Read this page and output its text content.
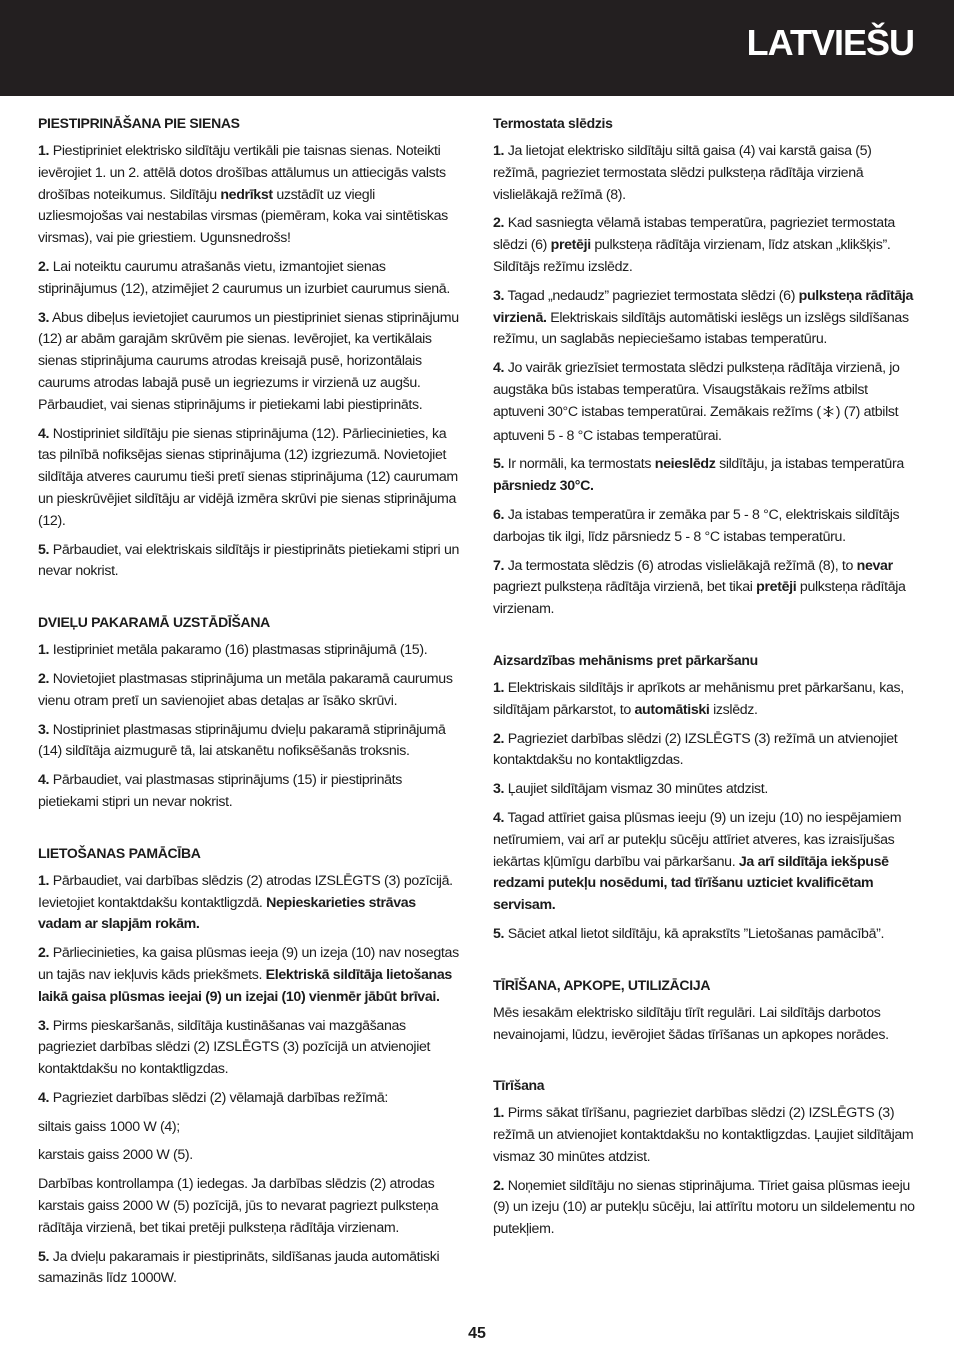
LATVIEŠU
PIESTIPRINĀŠANA PIE SIENAS

1. Piestipriniet elektrisko sildītāju vertikāli pie taisnas sienas. Noteikti ievērojiet 1. un 2. attēlā dotos drošības attālumus un attiecigās valsts drošības noteikumus. Sildītāju nedrīkst uzstādīt uz viegli uzliesmojošas vai nestabilas virsmas (piemēram, koka vai sintētiskas virsmas), vai pie griestiem. Ugunsnedrošs!

2. Lai noteiktu caurumu atrašanās vietu, izmantojiet sienas stiprinājumus (12), atzimējiet 2 caurumus un izurbiet caurumus sienā.

3. Abus dibeļus ievietojiet caurumos un piestipriniet sienas stiprinājumu (12) ar abām garajām skrūvēm pie sienas. Ievērojiet, ka vertikālais sienas stiprinājuma caurums atrodas kreisajā pusē, horizontālais caurums atrodas labajā pusē un iegriezums ir virzienā uz augšu. Pārbaudiet, vai sienas stiprinājums ir pietiekami labi piestiprināts.

4. Nostipriniet sildītāju pie sienas stiprinājuma (12). Pārliecinieties, ka tas pilnībā nofiksējas sienas stiprinājuma (12) izgriezumā. Novietojiet sildītāja atveres caurumu tieši pretī sienas stiprinājuma (12) caurumam un pieskrūvējiet sildītāju ar vidējā izmēra skrūvi pie sienas stiprinājuma (12).

5. Pārbaudiet, vai elektriskais sildītājs ir piestiprināts pietiekami stipri un nevar nokrist.

DVIEĻU PAKARAMĀ UZSTĀDĪŠANA

1. Iestipriniet metāla pakaramo (16) plastmasas stiprinājumā (15).

2. Novietojiet plastmasas stiprinājuma un metāla pakaramā caurumus vienu otram pretī un savienojiet abas detaļas ar īsāko skrūvi.

3. Nostipriniet plastmasas stiprinājumu dvieļu pakaramā stiprinājumā (14) sildītāja aizmugurē tā, lai atskanētu nofiksēšanās troksnis.

4. Pārbaudiet, vai plastmasas stiprinājums (15) ir piestiprināts pietiekami stipri un nevar nokrist.

LIETOŠANAS PAMĀCĪBA

1. Pārbaudiet, vai darbības slēdzis (2) atrodas IZSLĒGTS (3) pozīcijā. Ievietojiet kontaktdakšu kontaktligzdā. Nepieskarieties strāvas vadam ar slapjām rokām.

2. Pārliecinieties, ka gaisa plūsmas ieeja (9) un izeja (10) nav nosegtas un tajās nav iekļuvis kāds priekšmets. Elektriskā sildītāja lietošanas laikā gaisa plūsmas ieejai (9) un izejai (10) vienmēr jābūt brīvai.

3. Pirms pieskaršanās, sildītāja kustināšanas vai mazgāšanas pagrieziet darbības slēdzi (2) IZSLĒGTS (3) pozīcijā un atvienojiet kontaktdakšu no kontaktligzdas.

4. Pagrieziet darbības slēdzi (2) vēlamajā darbības režīmā:

siltais gaiss 1000 W (4);

karstais gaiss 2000 W (5).

Darbības kontrollampa (1) iedegas. Ja darbības slēdzis (2) atrodas karstais gaiss 2000 W (5) pozīcijā, jūs to nevarat pagriezt pulksteņa rādītāja virzienā, bet tikai pretēji pulksteņa rādītāja virzienam.

5. Ja dvieļu pakaramais ir piestiprināts, sildīšanas jauda automātiski samazinās līdz 1000W.

Termostata slēdzis

1. Ja lietojat elektrisko sildītāju siltā gaisa (4) vai karstā gaisa (5) režīmā, pagrieziet termostata slēdzi pulksteņa rādītāja virzienā vislielākajā režīmā (8).

2. Kad sasniegta vēlamā istabas temperatūra, pagrieziet termostata slēdzi (6) pretēji pulksteņa rādītāja virzienam, līdz atskan „klikšķis”. Sildītājs režīmu izslēdz.

3. Tagad „nedaudz” pagrieziet termostata slēdzi (6) pulksteņa rādītāja virzienā. Elektriskais sildītājs automātiski ieslēgs un izslēgs sildīšanas režīmu, un saglabās nepieciešamo istabas temperatūru.

4. Jo vairāk griezīsiet termostata slēdzi pulksteņa rādītāja virzienā, jo augstāka būs istabas temperatūra. Visaugstākais režīms atbilst aptuveni 30°C istabas temperatūrai. Zemākais režīms ( ) (7) atbilst aptuveni 5 - 8 °C istabas temperatūrai.

5. Ir normāli, ka termostats neieslēdz sildītāju, ja istabas temperatūra pārsniedz 30°C.

6. Ja istabas temperatūra ir zemāka par 5 - 8 °C, elektriskais sildītājs darbojas tik ilgi, līdz pārsniedz 5 - 8 °C istabas temperatūru.

7. Ja termostata slēdzis (6) atrodas vislielākajā režīmā (8), to nevar pagriezt pulksteņa rādītāja virzienā, bet tikai pretēji pulksteņa rādītāja virzienam.

Aizsardzības mehānisms pret pārkaršanu

1. Elektriskais sildītājs ir aprīkots ar mehānismu pret pārkaršanu, kas, sildītājam pārkarstot, to automātiski izslēdz.

2. Pagrieziet darbības slēdzi (2) IZSLĒGTS (3) režīmā un atvienojiet kontaktdakšu no kontaktligzdas.

3. Ļaujiet sildītājam vismaz 30 minūtes atdzist.

4. Tagad attīriet gaisa plūsmas ieeju (9) un izeju (10) no iespējamiem netīrumiem, vai arī ar putekļu sūcēju attīriet atveres, kas izraisījušas iekārtas kļūmīgu darbību vai pārkaršanu. Ja arī sildītāja iekšpusē redzami putekļu nosēdumi, tad tīrīšanu uzticiet kvalificētam servisam.

5. Sāciet atkal lietot sildītāju, kā aprakstīts ”Lietošanas pamācībā”.

TĪRĪŠANA, APKOPE, UTILIZĀCIJA

Mēs iesakām elektrisko sildītāju tīrīt regulāri. Lai sildītājs darbotos nevainojami, lūdzu, ievērojiet šādas tīrīšanas un apkopes norādes.

Tīrīšana

1. Pirms sākat tīrīšanu, pagrieziet darbības slēdzi (2) IZSLĒGTS (3) režīmā un atvienojiet kontaktdakšu no kontaktligzdas. Ļaujiet sildītājam vismaz 30 minūtes atdzist.

2. Noņemiet sildītāju no sienas stiprinājuma. Tīriet gaisa plūsmas ieeju (9) un izeju (10) ar putekļu sūcēju, lai attīrītu motoru un sildelementu no putekļiem.

45
